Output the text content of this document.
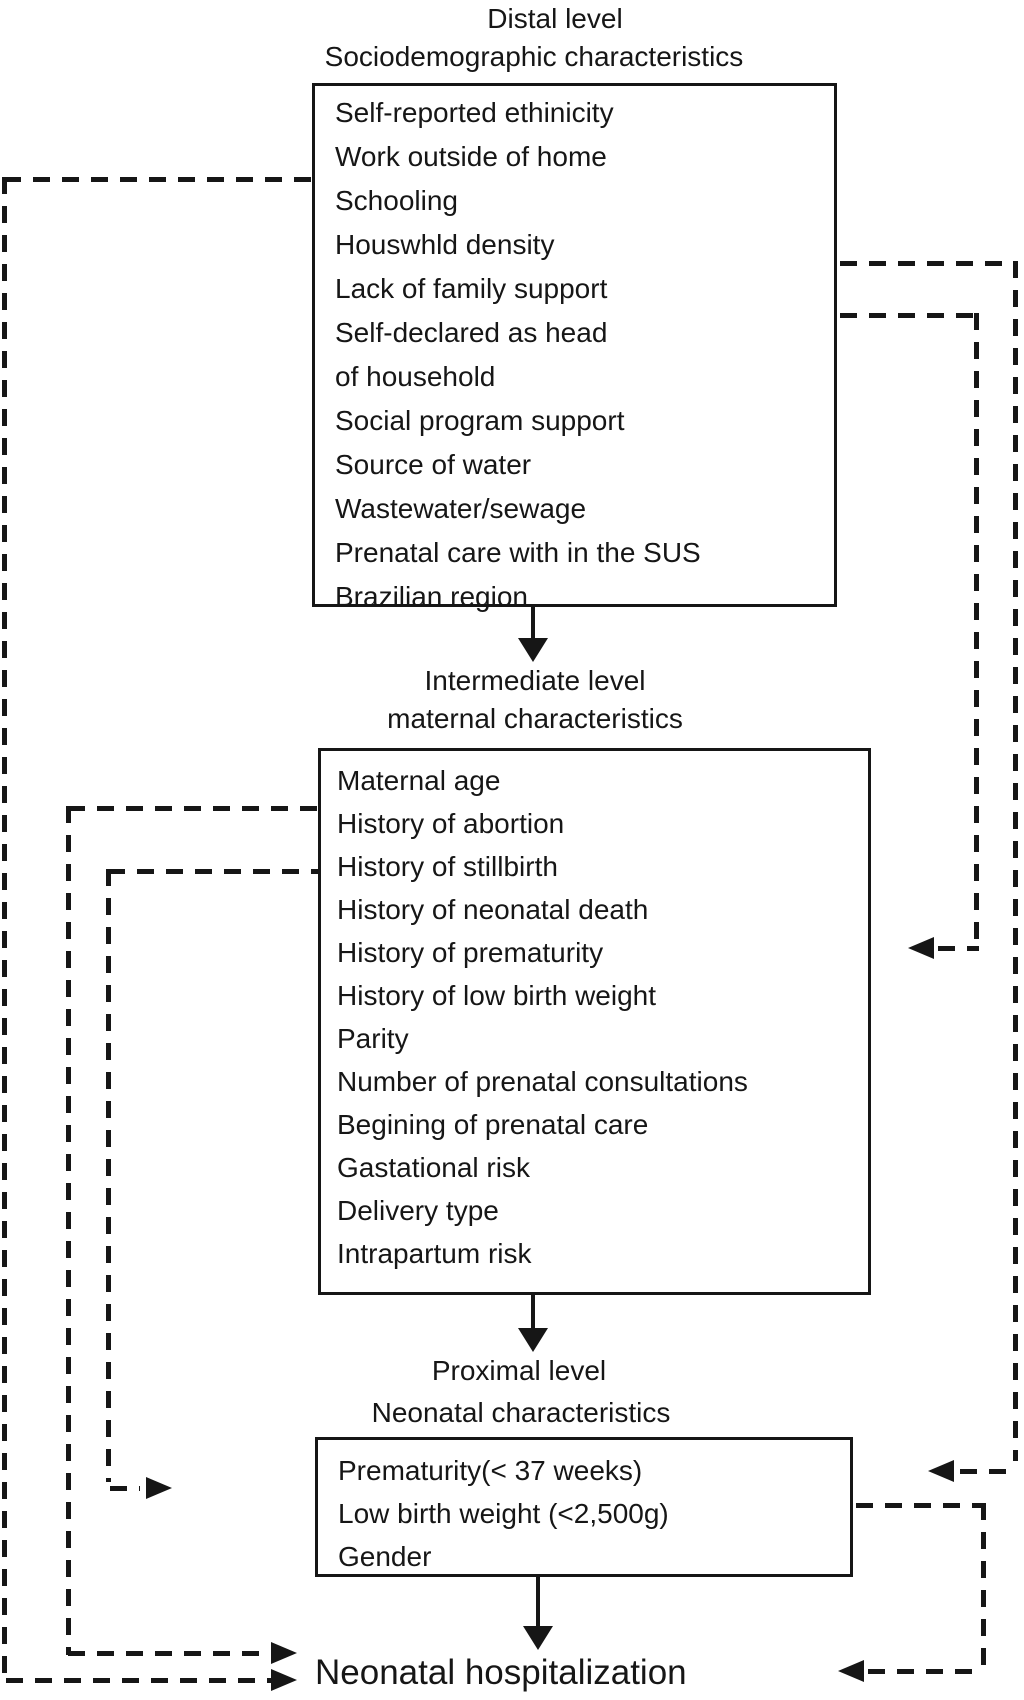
Distal level
Sociodemographic characteristics
Self-reported ethinicity
Work outside of home
Schooling
Houswhld density
Lack of family support
Self-declared as head
of household
Social program support
Source of water
Wastewater/sewage
Prenatal care with in the SUS
Brazilian region
Intermediate level
maternal characteristics
Maternal age
History of abortion
History of stillbirth
History of neonatal death
History of prematurity
History of low birth weight
Parity
Number of prenatal consultations
Begining of prenatal care
Gastational risk
Delivery type
Intrapartum risk
Proximal level
Neonatal characteristics
Prematurity(< 37 weeks)
Low birth weight (<2,500g)
Gender
Neonatal hospitalization
